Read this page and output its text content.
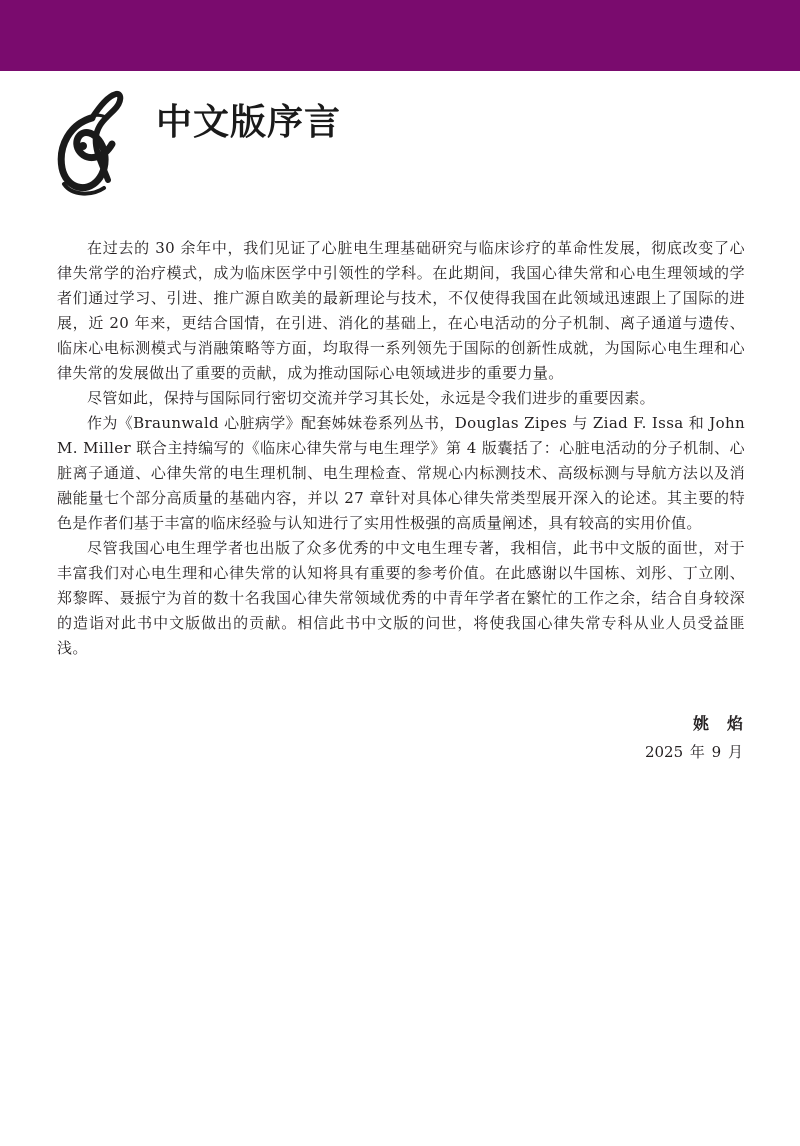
中文版序言

在过去的 30 余年中，我们见证了心脏电生理基础研究与临床诊疗的革命性发展，彻底改变了心律失常学的治疗模式，成为临床医学中引领性的学科。在此期间，我国心律失常和心电生理领域的学者们通过学习、引进、推广源自欧美的最新理论与技术，不仅使得我国在此领域迅速跟上了国际的进展，近 20 年来，更结合国情，在引进、消化的基础上，在心电活动的分子机制、离子通道与遗传、临床心电标测模式与消融策略等方面，均取得一系列领先于国际的创新性成就，为国际心电生理和心律失常的发展做出了重要的贡献，成为推动国际心电领域进步的重要力量。

尽管如此，保持与国际同行密切交流并学习其长处，永远是令我们进步的重要因素。

作为《Braunwald 心脏病学》配套姊妹卷系列丛书，Douglas Zipes 与 Ziad F. Issa 和 John M. Miller 联合主持编写的《临床心律失常与电生理学》第 4 版囊括了：心脏电活动的分子机制、心脏离子通道、心律失常的电生理机制、电生理检查、常规心内标测技术、高级标测与导航方法以及消融能量七个部分高质量的基础内容，并以 27 章针对具体心律失常类型展开深入的论述。其主要的特色是作者们基于丰富的临床经验与认知进行了实用性极强的高质量阐述，具有较高的实用价值。

尽管我国心电生理学者也出版了众多优秀的中文电生理专著，我相信，此书中文版的面世，对于丰富我们对心电生理和心律失常的认知将具有重要的参考价值。在此感谢以牛国栋、刘彤、丁立刚、郑黎晖、聂振宁为首的数十名我国心律失常领域优秀的中青年学者在繁忙的工作之余，结合自身较深的造诣对此书中文版做出的贡献。相信此书中文版的问世，将使我国心律失常专科从业人员受益匪浅。

姚焰
2025 年 9 月
